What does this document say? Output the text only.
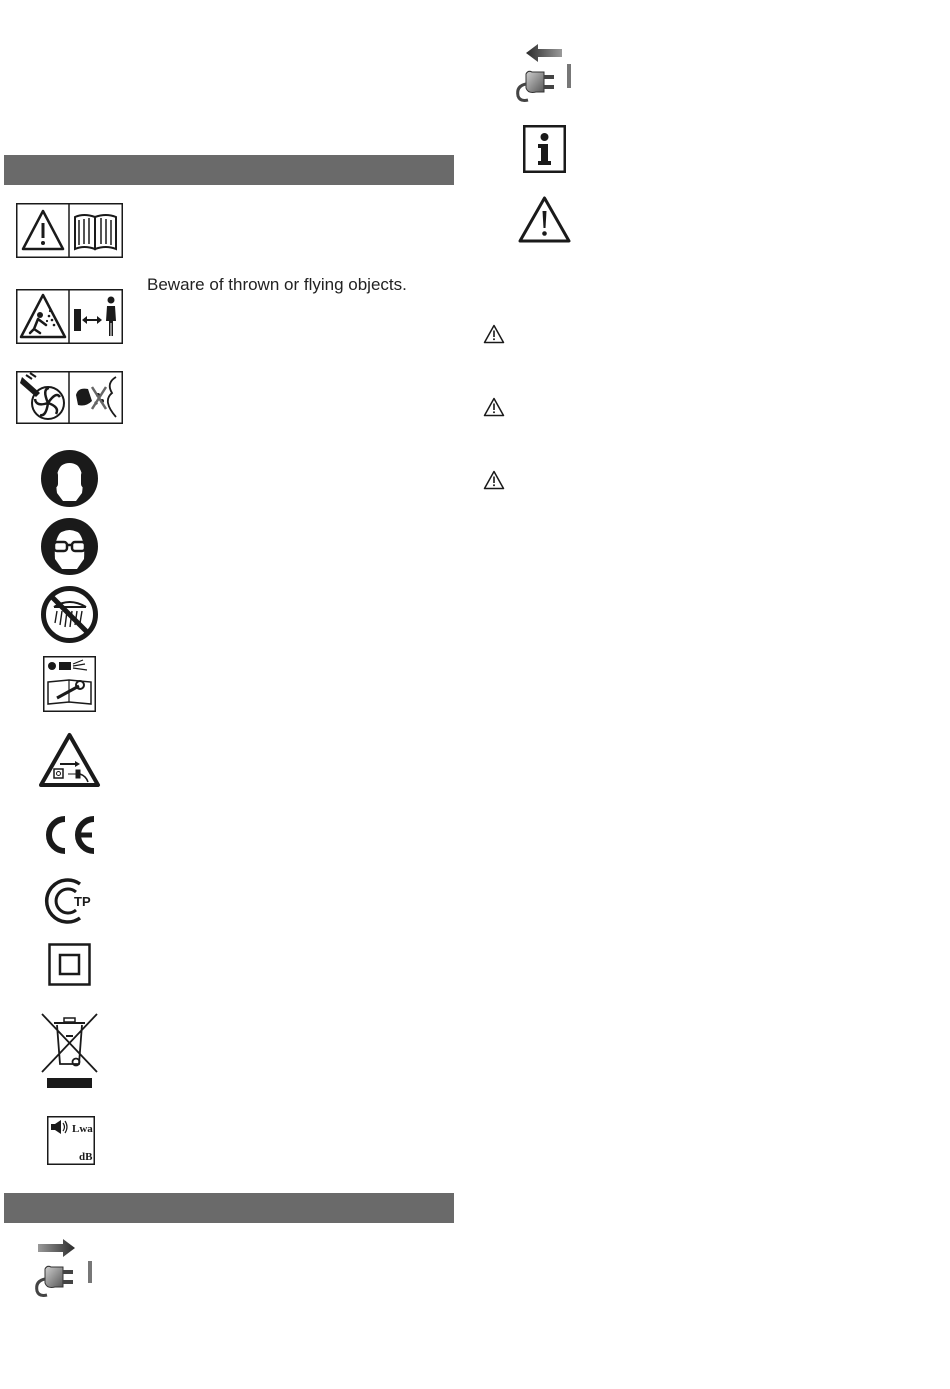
TP
Lwa
dB
Beware of thrown or flying objects.
